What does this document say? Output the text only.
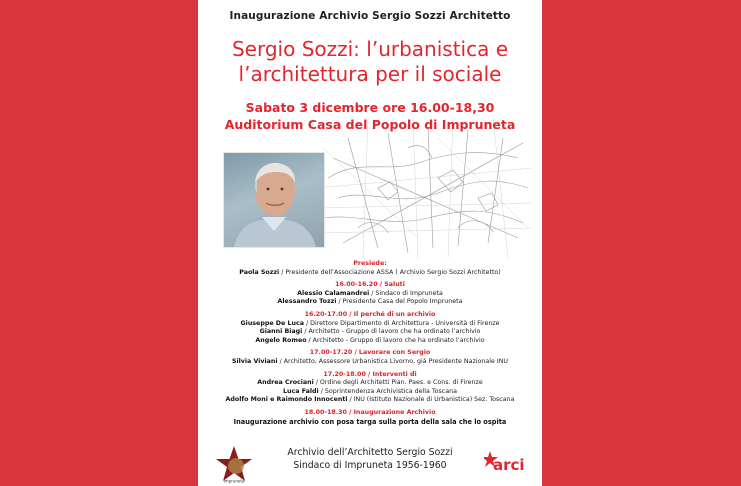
Inaugurazione Archivio Sergio Sozzi Architetto
Sergio Sozzi: l’urbanistica e
l’architettura per il sociale
Sabato 3 dicembre ore 16.00-18,30
Auditorium Casa del Popolo di Impruneta
Presiede:
Paola Sozzi / Presidente dell’Associazione ASSA ( Archivio Sergio Sozzi Architetto)
16.00-16.20 / Saluti
Alessio Calamandrei / Sindaco di Impruneta
Alessandro Tozzi / Presidente Casa del Popolo Impruneta
16.20-17.00 / Il perché di un archivio
Giuseppe De Luca / Direttore Dipartimento di Architettura - Università di Firenze
Gianni Biagi / Architetto - Gruppo di lavoro che ha ordinato l’archivio
Angelo Romeo / Architetto - Gruppo di lavoro che ha ordinato l’archivio
17.00-17.20 / Lavorare con Sergio
Silvia Viviani / Architetto, Assessore Urbanistica Livorno, già Presidente Nazionale INU
17.20-18.00 / Interventi di
Andrea Crociani / Ordine degli Architetti Pian. Paes. e Cons. di Firenze
Luca Faldi / Soprintendenza Archivistica della Toscana
Adolfo Moni e Raimondo Innocenti / INU (Istituto Nazionale di Urbanistica) Sez. Toscana
18.00-18.30 / Inaugurazione Archivio
Inaugurazione archivio con posa targa sulla porta della sala che lo ospita
Impruneta
Archivio dell’Architetto Sergio Sozzi
Sindaco di Impruneta 1956-1960	arci
